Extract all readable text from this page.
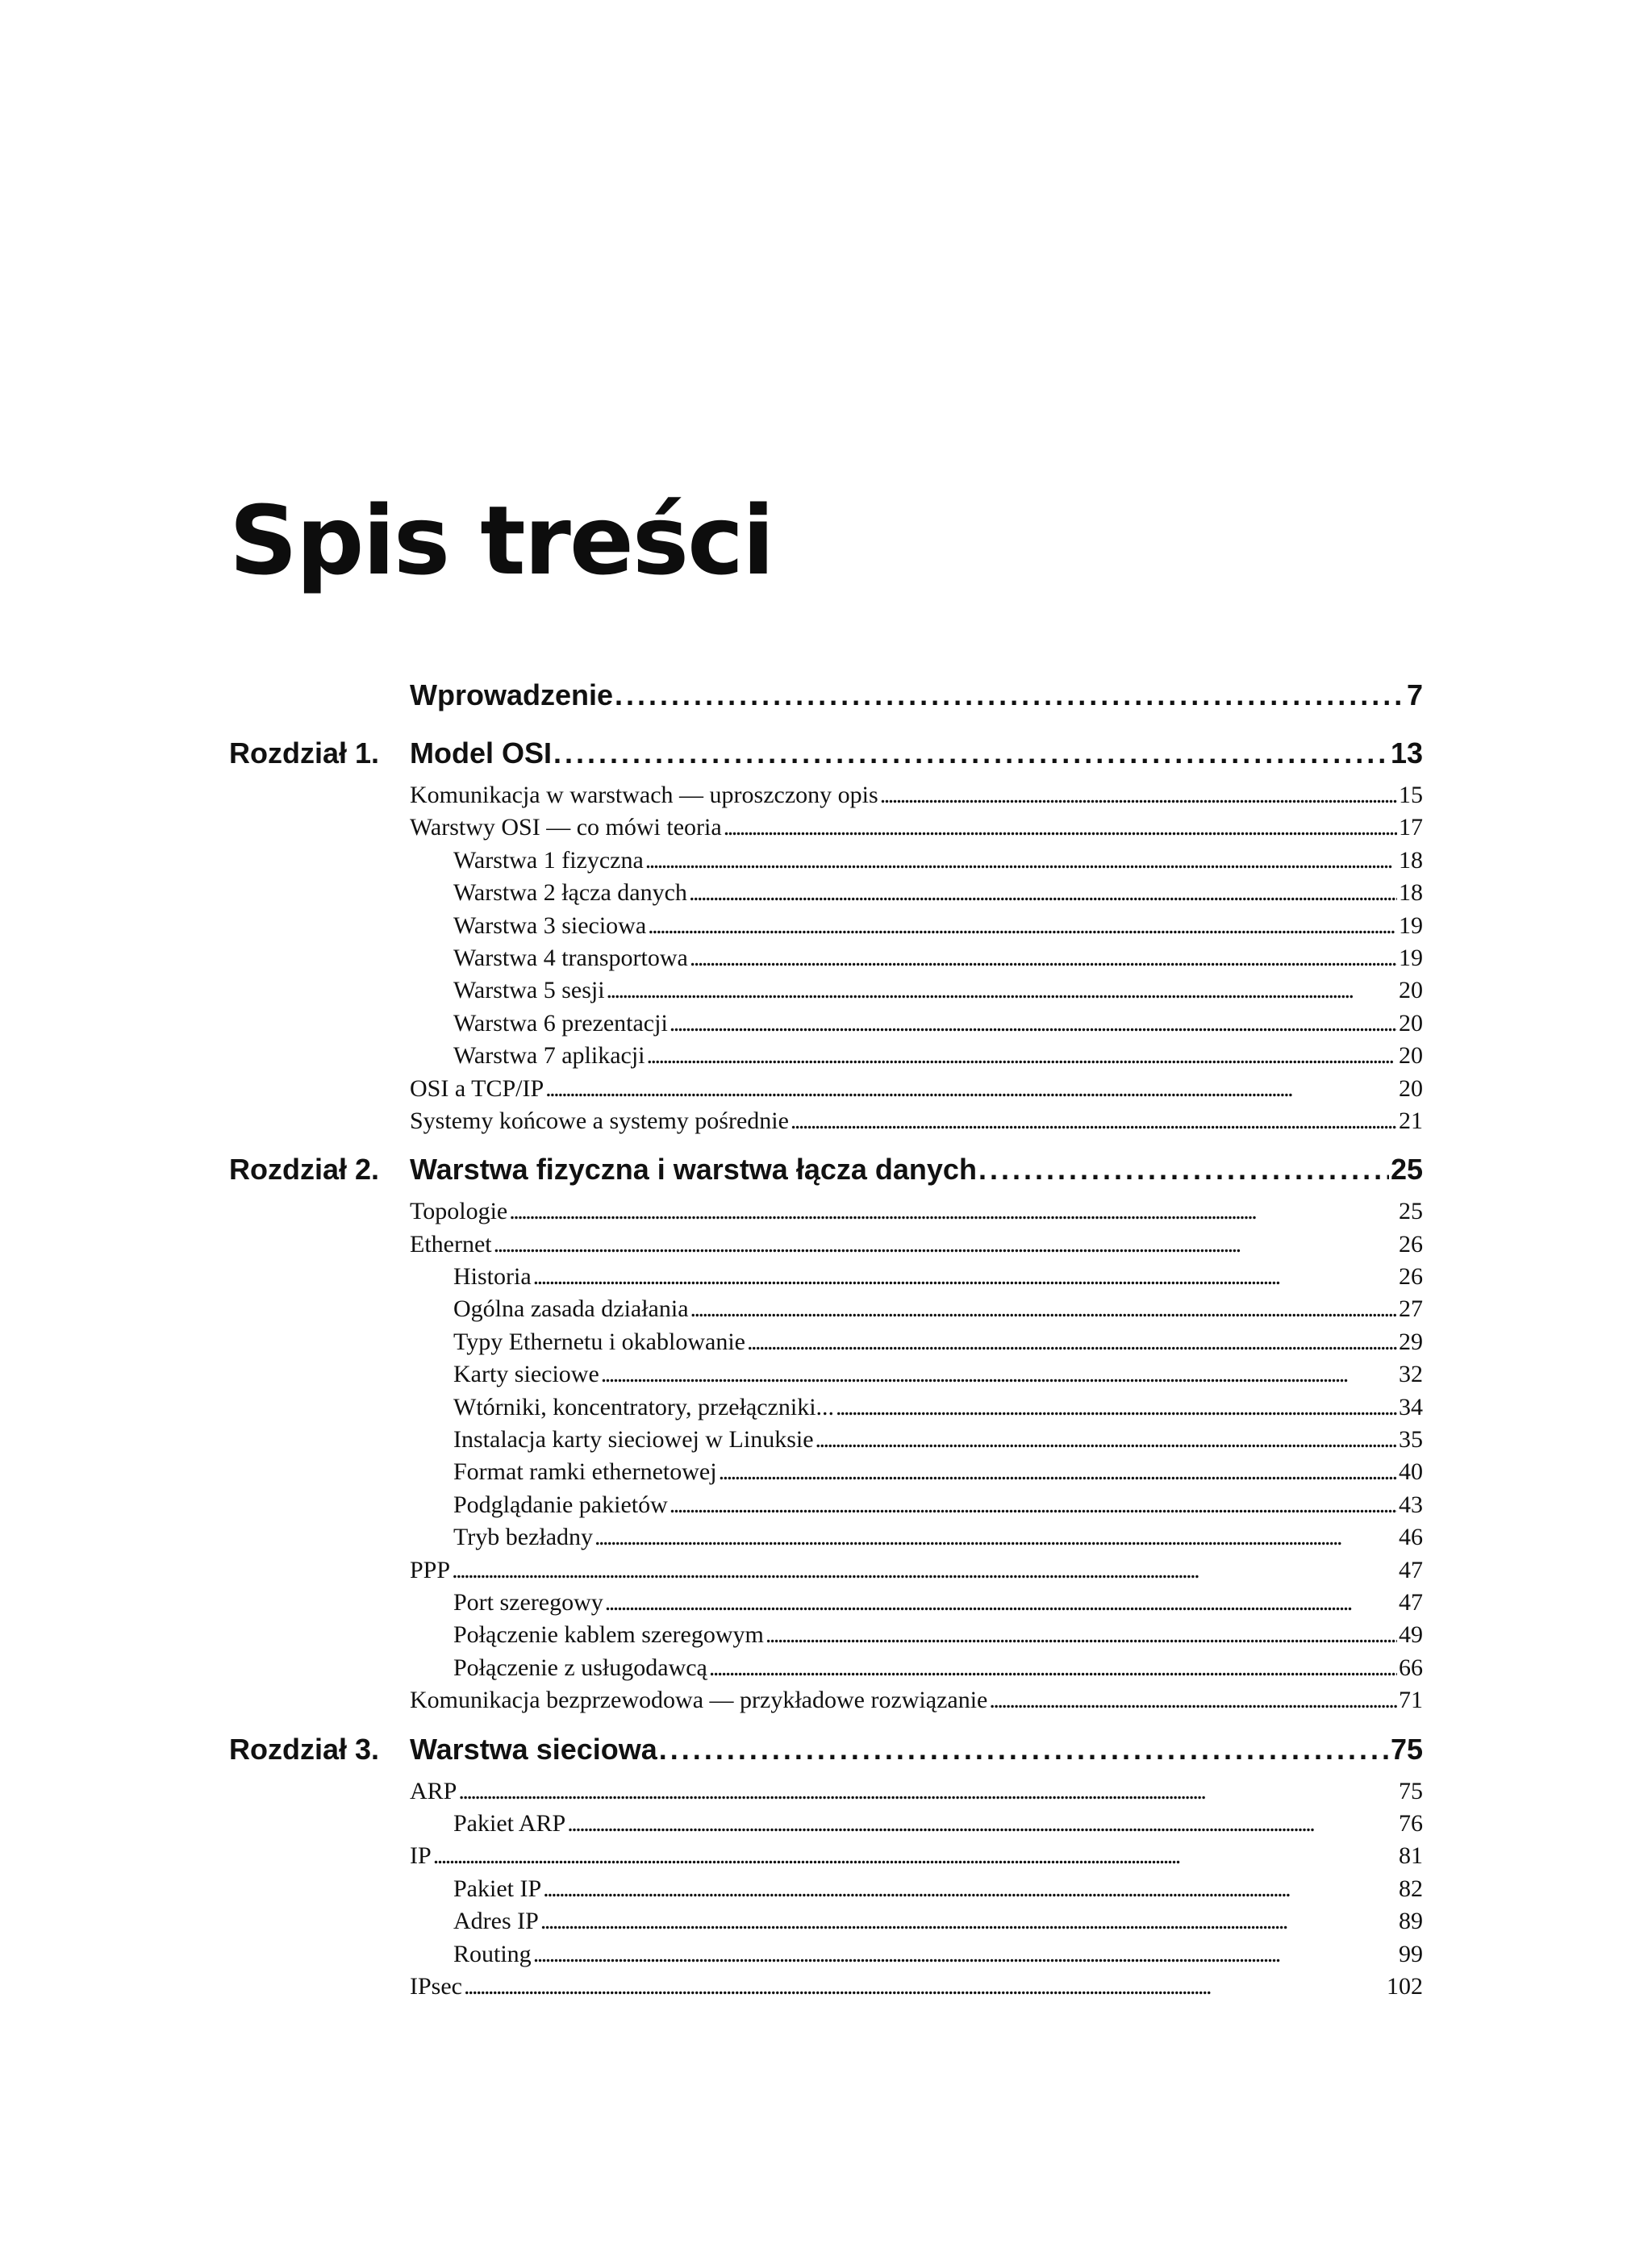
Spis treści
Wprowadzenie . . .	7
Rozdział 1.	Model OSI . . .	13
Komunikacja w warstwach — uproszczony opis . . .	15
Warstwy OSI — co mówi teoria . . .	17
Warstwa 1 fizyczna . . .	18
Warstwa 2 łącza danych . . .	18
Warstwa 3 sieciowa . . .	19
Warstwa 4 transportowa . . .	19
Warstwa 5 sesji . . .	20
Warstwa 6 prezentacji . . .	20
Warstwa 7 aplikacji . . .	20
OSI a TCP/IP . . .	20
Systemy końcowe a systemy pośrednie . . .	21
Rozdział 2.	Warstwa fizyczna i warstwa łącza danych . . .	25
Topologie . . .	25
Ethernet . . .	26
Historia . . .	26
Ogólna zasada działania . . .	27
Typy Ethernetu i okablowanie . . .	29
Karty sieciowe . . .	32
Wtórniki, koncentratory, przełączniki... . . .	34
Instalacja karty sieciowej w Linuksie . . .	35
Format ramki ethernetowej . . .	40
Podglądanie pakietów . . .	43
Tryb bezładny . . .	46
PPP . . .	47
Port szeregowy . . .	47
Połączenie kablem szeregowym . . .	49
Połączenie z usługodawcą . . .	66
Komunikacja bezprzewodowa — przykładowe rozwiązanie . . .	71
Rozdział 3.	Warstwa sieciowa . . .	75
ARP . . .	75
Pakiet ARP . . .	76
IP . . .	81
Pakiet IP . . .	82
Adres IP . . .	89
Routing . . .	99
IPsec . . .	102
